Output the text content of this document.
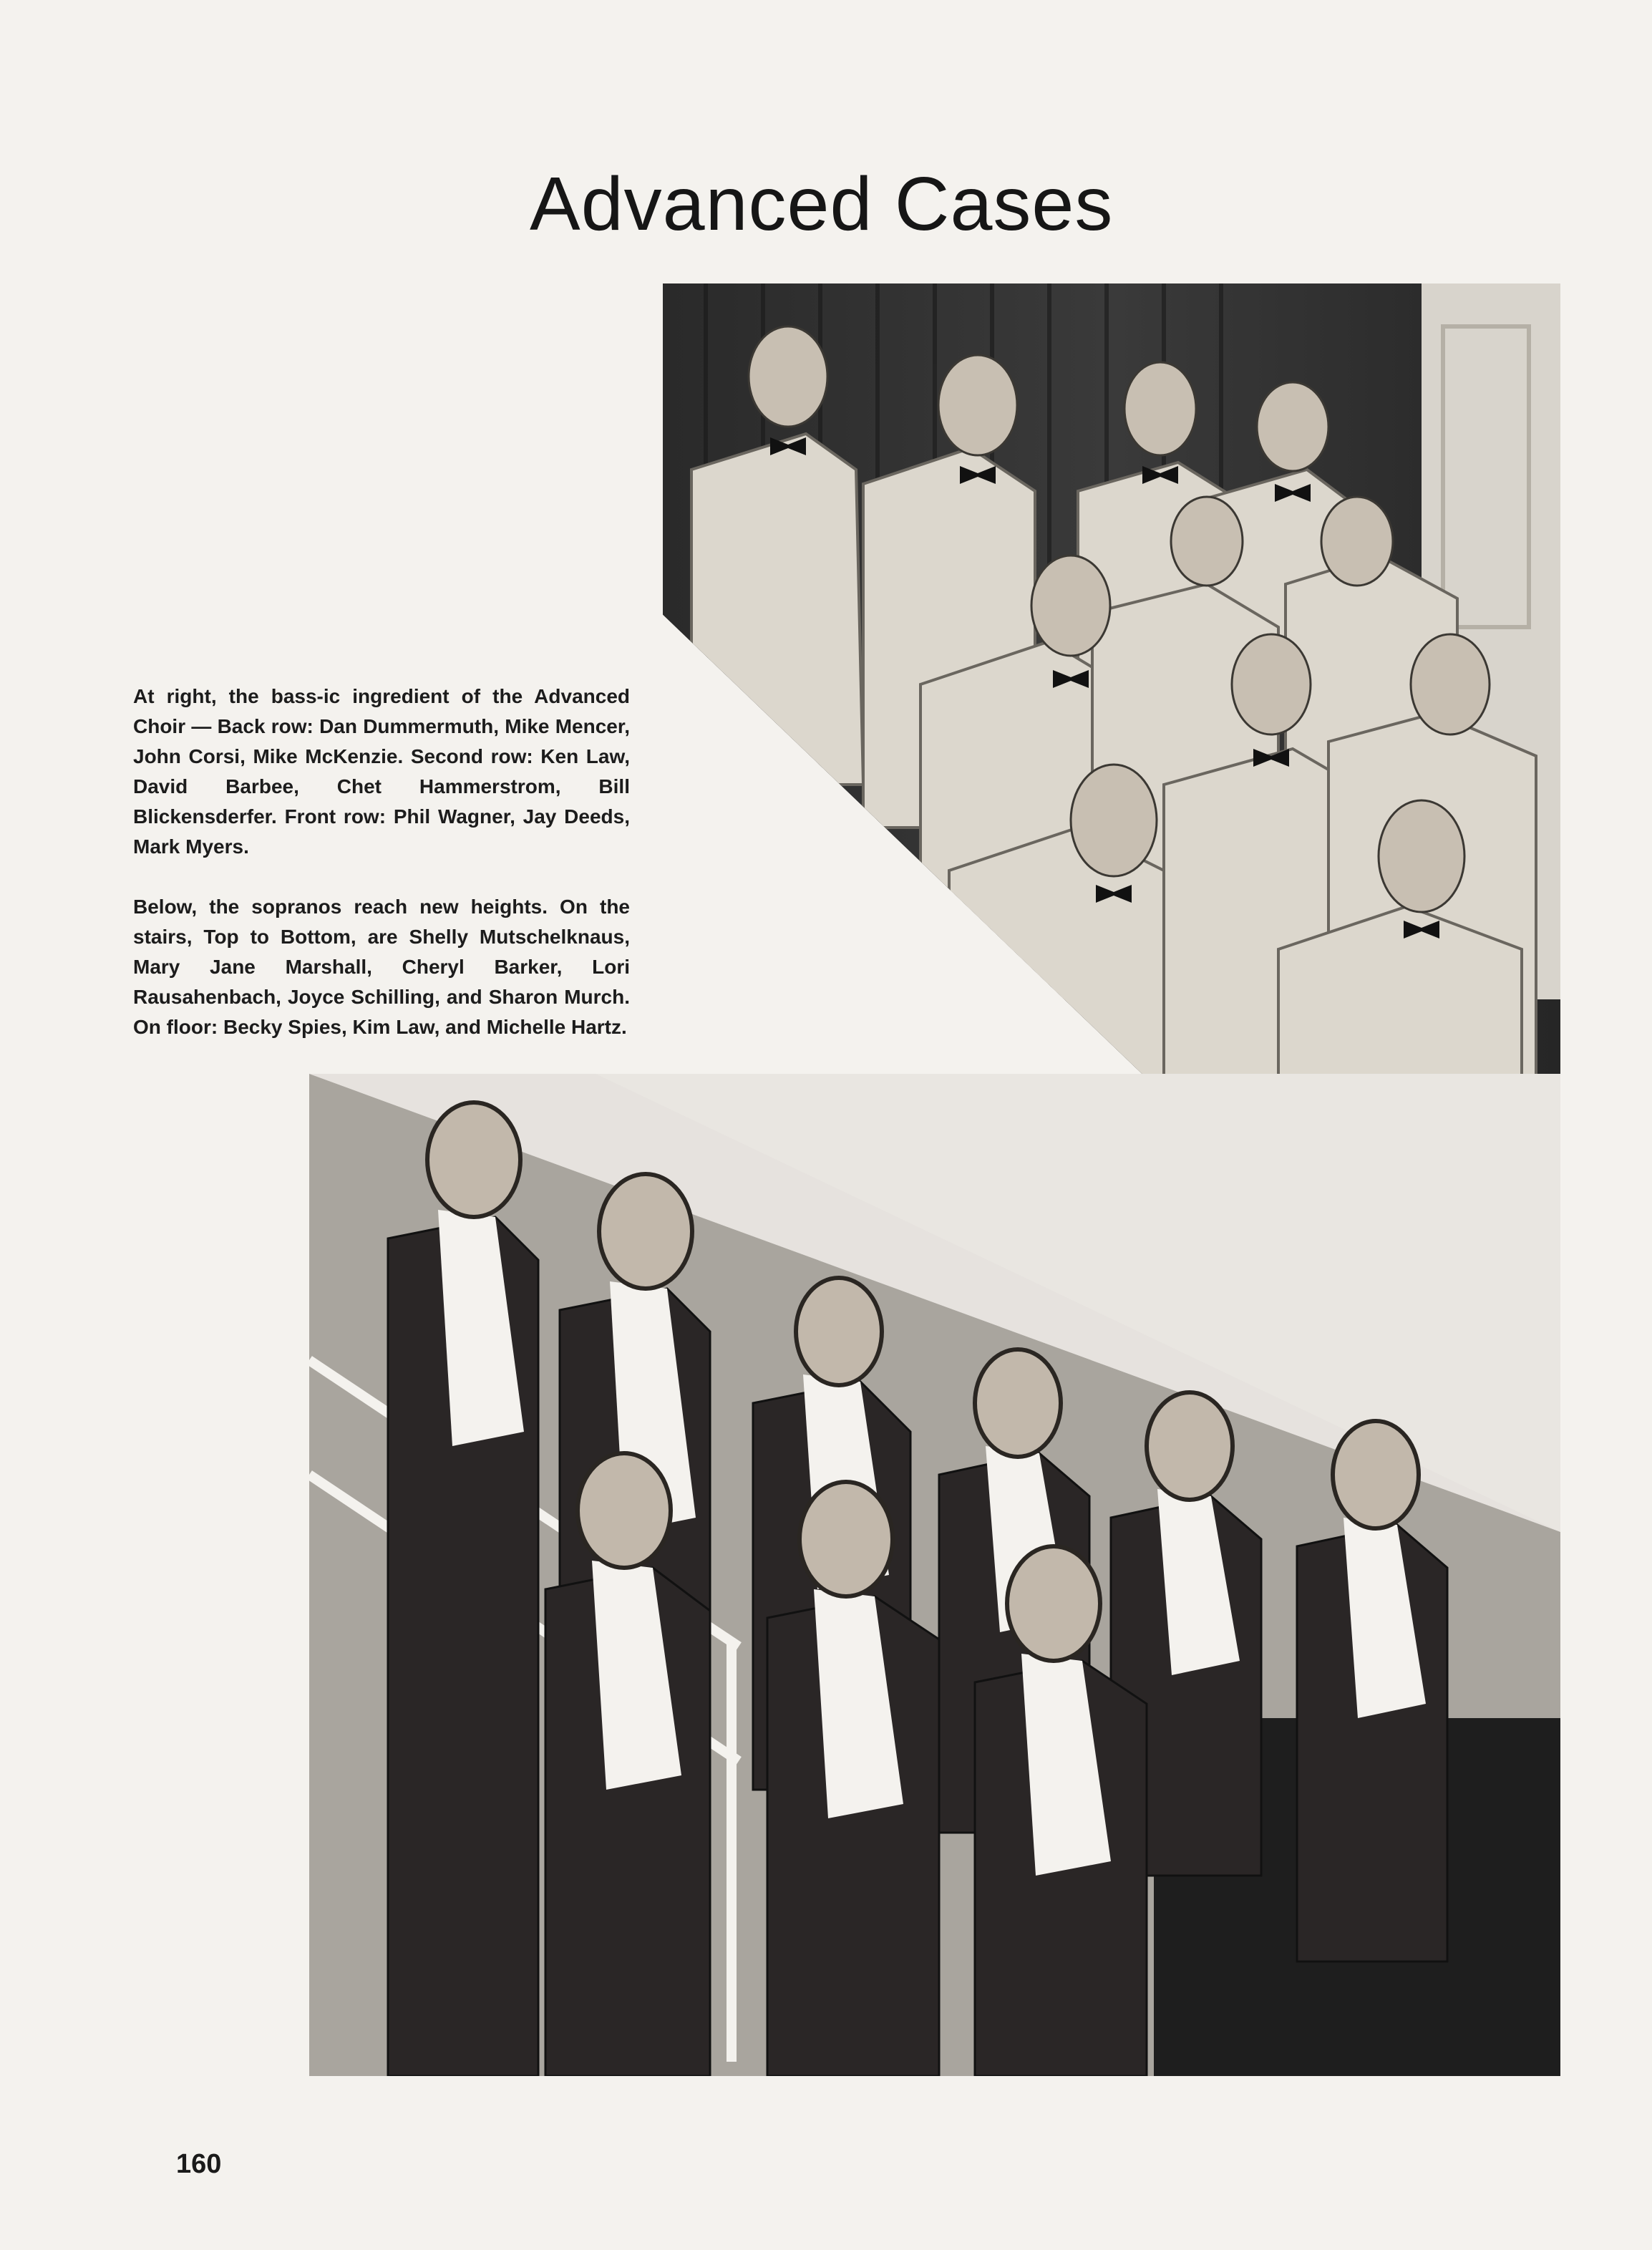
Advanced Cases
At right, the bass-ic ingredient of the Advanced Choir — Back row: Dan Dummermuth, Mike Mencer, John Corsi, Mike McKenzie. Second row: Ken Law, David Barbee, Chet Hammerstrom, Bill Blickensderfer. Front row: Phil Wagner, Jay Deeds, Mark Myers.
Below, the sopranos reach new heights. On the stairs, Top to Bottom, are Shelly Mutschelknaus, Mary Jane Marshall, Cheryl Barker, Lori Rausahenbach, Joyce Schilling, and Sharon Murch. On floor: Becky Spies, Kim Law, and Michelle Hartz.
160
